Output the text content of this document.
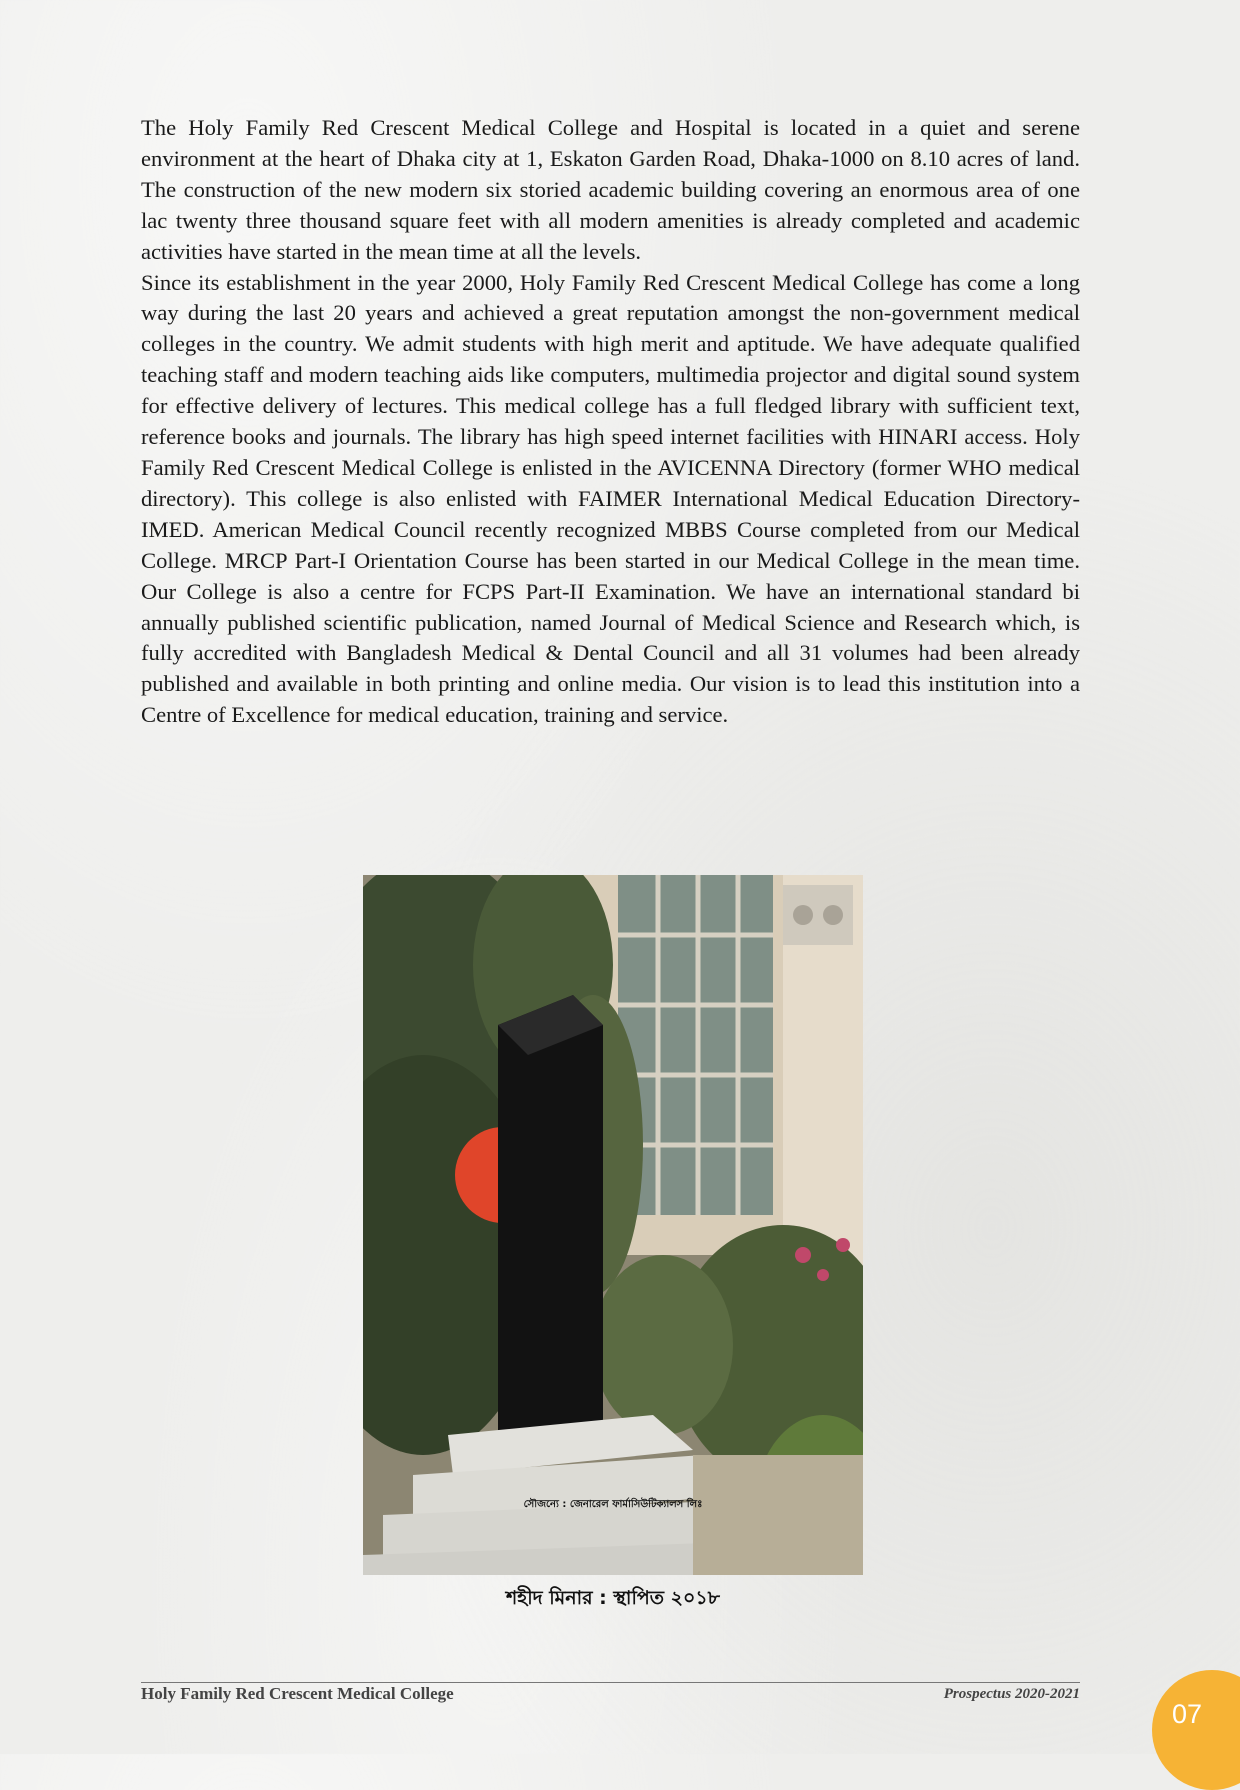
The Holy Family Red Crescent Medical College and Hospital is located in a quiet and serene environment at the heart of Dhaka city at 1, Eskaton Garden Road, Dhaka-1000 on 8.10 acres of land. The construction of the new modern six storied academic building covering an enormous area of one lac twenty three thousand square feet with all modern amenities is already completed and academic activities have started in the mean time at all the levels.

Since its establishment in the year 2000, Holy Family Red Crescent Medical College has come a long way during the last 20 years and achieved a great reputation amongst the non-government medical colleges in the country. We admit students with high merit and aptitude. We have adequate qualified teaching staff and modern teaching aids like computers, multimedia projector and digital sound system for effective delivery of lectures. This medical college has a full fledged library with sufficient text, reference books and journals. The library has high speed internet facilities with HINARI access. Holy Family Red Crescent Medical College is enlisted in the AVICENNA Directory (former WHO medical directory). This college is also enlisted with FAIMER International Medical Education Directory-IMED. American Medical Council recently recognized MBBS Course completed from our Medical College. MRCP Part-I Orientation Course has been started in our Medical College in the mean time. Our College is also a centre for FCPS Part-II Examination. We have an international standard bi annually published scientific publication, named Journal of Medical Science and Research which, is fully accredited with Bangladesh Medical & Dental Council and all 31 volumes had been already published and available in both printing and online media. Our vision is to lead this institution into a Centre of Excellence for medical education, training and service.

সৌজন্যে : জেনারেল ফার্মাসিউটিক্যালস লিঃ
শহীদ মিনার : স্থাপিত ২০১৮
Holy Family Red Crescent Medical College	Prospectus 2020-2021
07
